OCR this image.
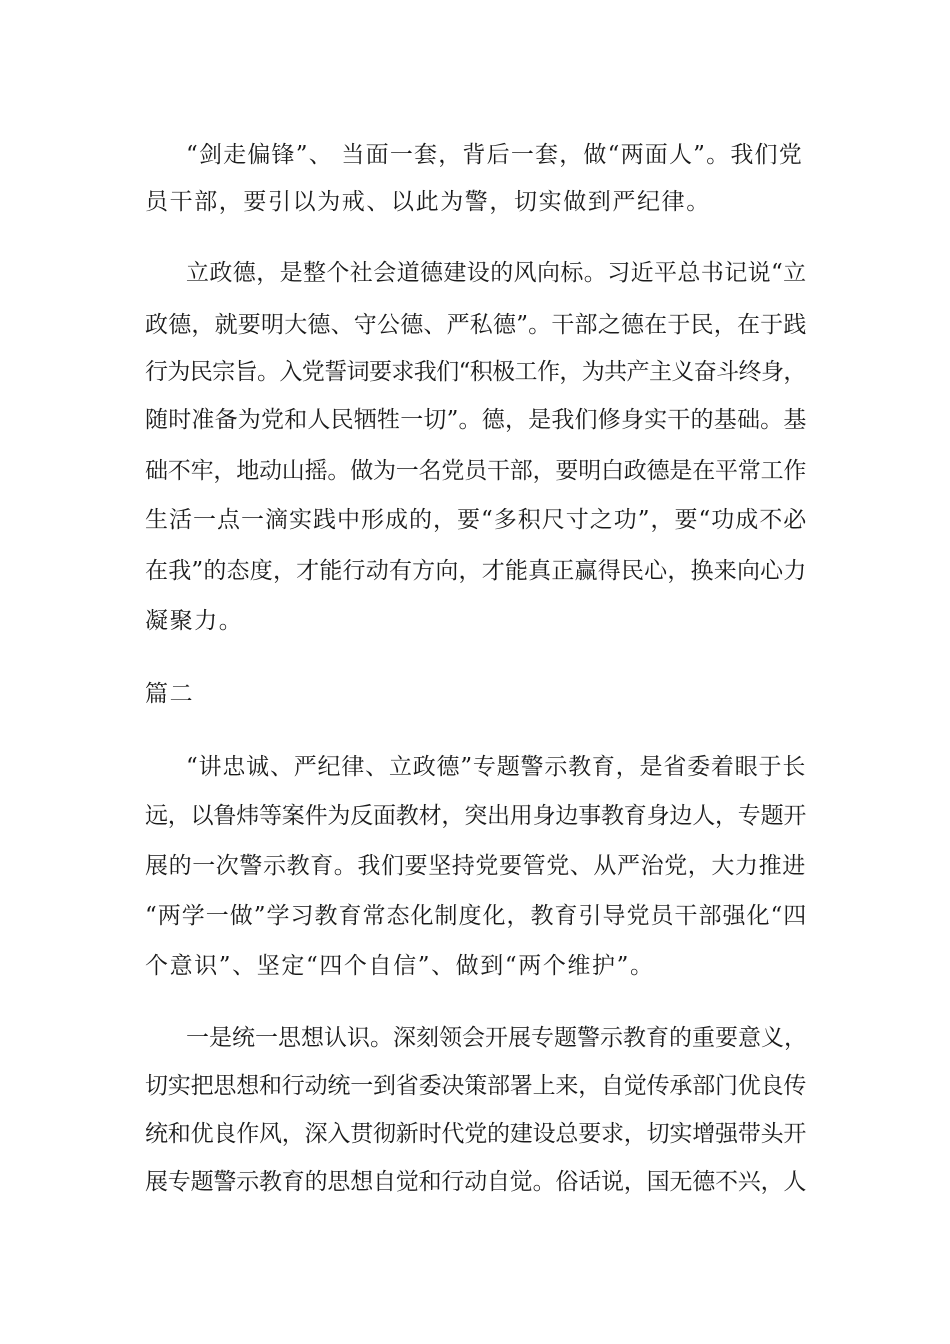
“剑走偏锋”、 当面一套，背后一套，做“两面人”。我们党
员干部，要引以为戒、以此为警，切实做到严纪律。
立政德，是整个社会道德建设的风向标。习近平总书记说“立
政德，就要明大德、守公德、严私德”。干部之德在于民，在于践
行为民宗旨。入党誓词要求我们“积极工作，为共产主义奋斗终身，
随时准备为党和人民牺牲一切”。德，是我们修身实干的基础。基
础不牢，地动山摇。做为一名党员干部，要明白政德是在平常工作
生活一点一滴实践中形成的，要“多积尺寸之功”，要“功成不必
在我”的态度，才能行动有方向，才能真正赢得民心，换来向心力
凝聚力。
篇二
“讲忠诚、严纪律、立政德”专题警示教育，是省委着眼于长
远，以鲁炜等案件为反面教材，突出用身边事教育身边人，专题开
展的一次警示教育。我们要坚持党要管党、从严治党，大力推进
“两学一做”学习教育常态化制度化，教育引导党员干部强化“四
个意识”、坚定“四个自信”、做到“两个维护”。
一是统一思想认识。深刻领会开展专题警示教育的重要意义，
切实把思想和行动统一到省委决策部署上来，自觉传承部门优良传
统和优良作风，深入贯彻新时代党的建设总要求，切实增强带头开
展专题警示教育的思想自觉和行动自觉。俗话说，国无德不兴，人
